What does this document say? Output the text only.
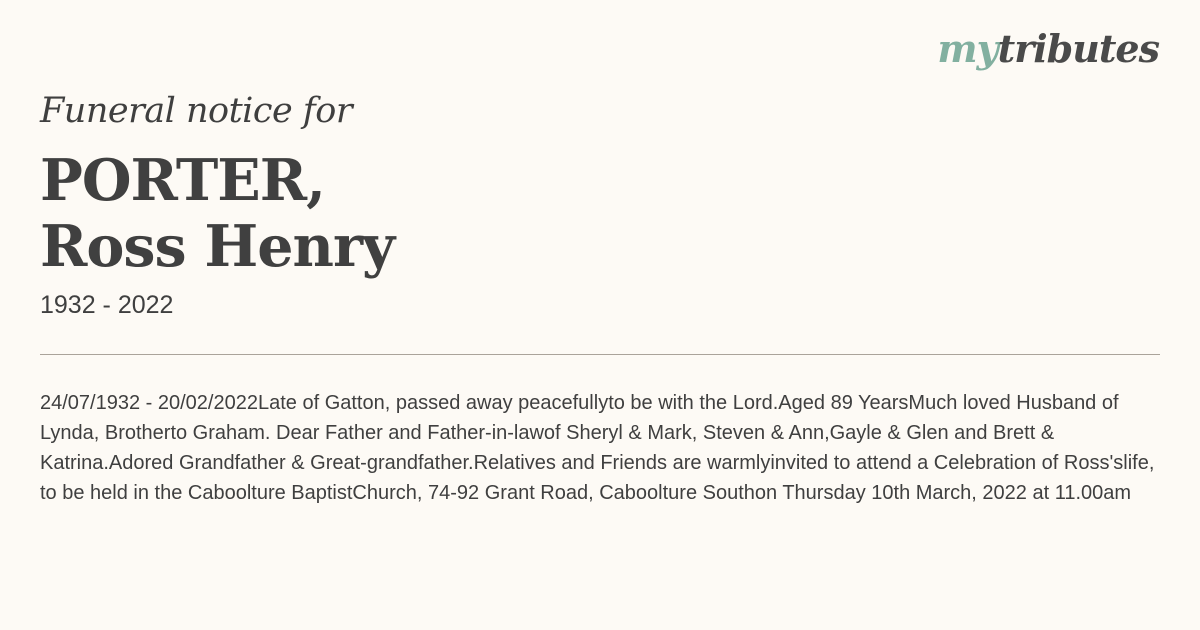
mytributes

Funeral notice for

PORTER,
Ross Henry
1932 - 2022

24/07/1932 - 20/02/2022Late of Gatton, passed away peacefullyto be with the Lord.Aged 89 YearsMuch loved Husband of Lynda, Brotherto Graham. Dear Father and Father-in-lawof Sheryl & Mark, Steven & Ann,Gayle & Glen and Brett & Katrina.Adored Grandfather & Great-grandfather.Relatives and Friends are warmlyinvited to attend a Celebration of Ross'slife, to be held in the Caboolture BaptistChurch, 74-92 Grant Road, Caboolture Southon Thursday 10th March, 2022 at 11.00am
